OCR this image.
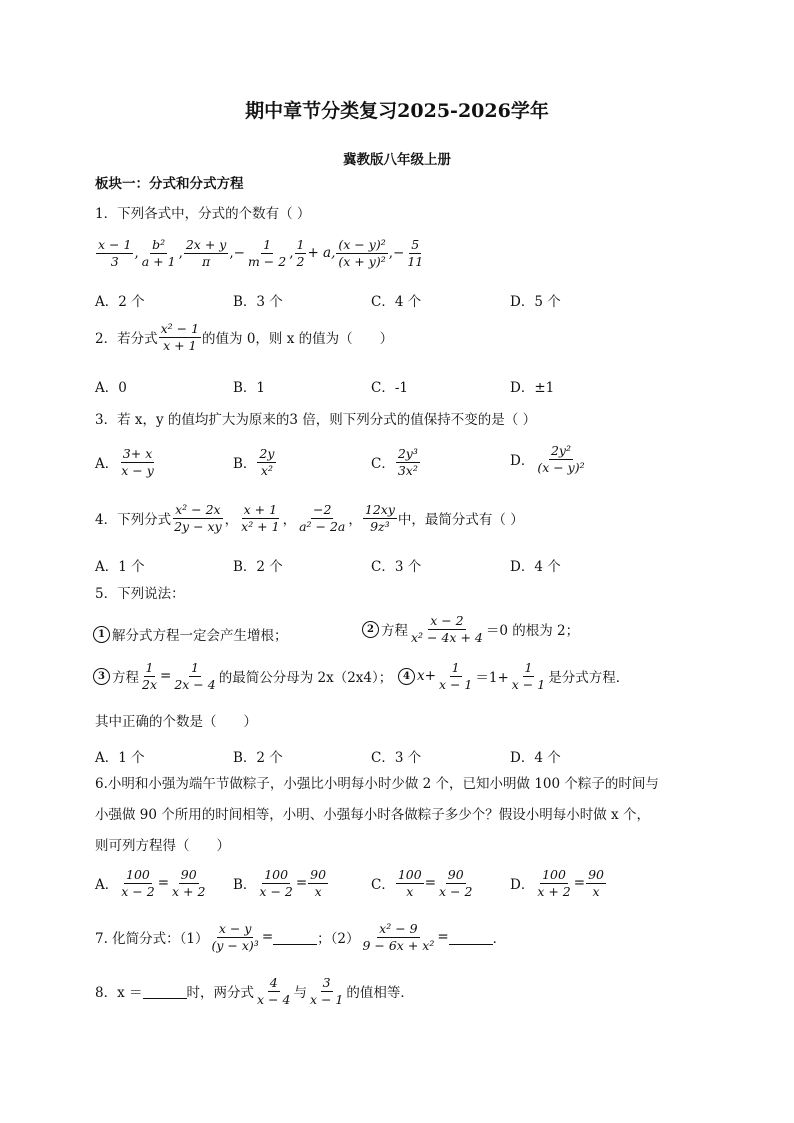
期中章节分类复习2025-2026学年
冀教版八年级上册
板块一：分式和分式方程
1．下列各式中，分式的个数有（ ）
$\frac{x - 1}{3}$ , $\frac{\text{b²}}{a + 1}$ , $\frac{2x + y}{\pi}$ , − $\frac{1}{m - 2}$ , $\frac{1}{2} + a$, $\frac{\text{(x − y)²}}{\text{(x + y)²}}$ , − $\frac{5}{11}$
A．2 个	B．3 个	C．4 个	D．5 个
2．若分式 $\frac{\text{x² − 1}}{x + 1}$ 的值为 0，则 x 的值为（　　）
A．0	B．1	C．-1	D．±1
3．若 x，y 的值均扩大为原来的3 倍，则下列分式的值保持不变的是（ ）
A． $\frac{3+ x}{x - y}$	B． $\frac{2y}{\text{x²}}$	C． $\frac{\text{2y³}}{\text{3x²}}$	D． $\frac{\text{2y²}}{\text{(x − y)²}}$
4．下列分式 $\frac{\text{x² − 2x}}{2y - xy}$ ， $\frac{x + 1}{\text{x² + 1}}$ ， $\frac{-2}{\text{a² − 2a}}$ ， $\frac{12xy}{\text{9z³}}$ 中，最简分式有（ ）
A．1 个	B．2 个	C．3 个	D．4 个
5．下列说法：
1 解分式方程一定会产生增根；	2 方程 $\frac{x - 2}{\text{x² − 4x + 4}} =0$ 的根为 2；
3 方程 $\frac{1}{2x} = \frac{1}{2x - 4}$ 的最简公分母为 2x（2x4）；	4 $x+ \frac{1}{x - 1} =1+ \frac{1}{x - 1}$ 是分式方程．
其中正确的个数是（　　）
A．1 个	B．2 个	C．3 个	D．4 个
6.小明和小强为端午节做粽子，小强比小明每小时少做 2 个，已知小明做 100 个粽子的时间与
小强做 90 个所用的时间相等，小明、小强每小时各做粽子多少个？假设小明每小时做 x 个，
则可列方程得（　　）
A． $\frac{100}{x - 2} = \frac{90}{x + 2}$ B． $\frac{100}{x - 2} = \frac{90}{x}$	C． $\frac{100}{x} = \frac{90}{x - 2}$	D． $\frac{100}{x + 2} = \frac{90}{x}$
7. 化简分式：$(1) \frac{x - y}{\text{(y − x)³}}$ =	；$(2) \frac{\text{x² − 9}}{\text{9 − 6x + x²}}$ =	．
8．x ＝	时，两分式 $\frac{4}{x - 4}$ 与 $\frac{3}{x - 1}$ 的值相等．
